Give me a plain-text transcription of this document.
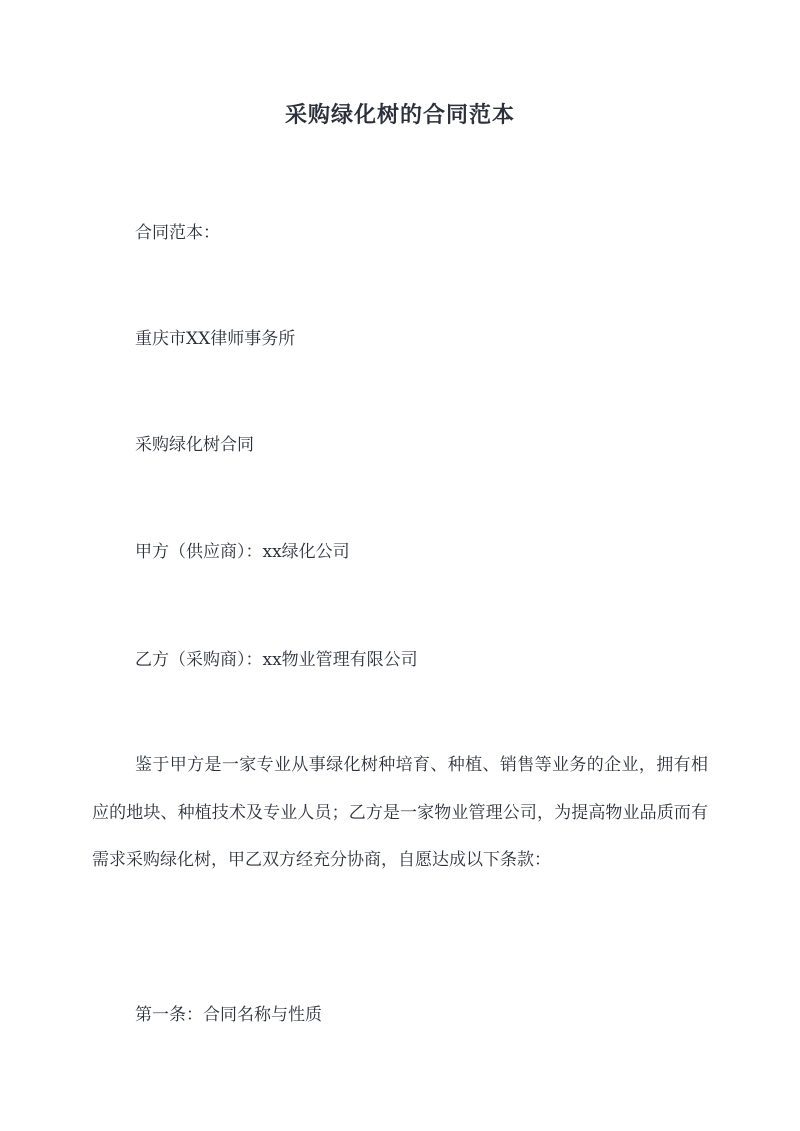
采购绿化树的合同范本
合同范本：
重庆市XX律师事务所
采购绿化树合同
甲方（供应商）：xx绿化公司
乙方（采购商）：xx物业管理有限公司
鉴于甲方是一家专业从事绿化树种培育、种植、销售等业务的企业，拥有相应的地块、种植技术及专业人员；乙方是一家物业管理公司，为提高物业品质而有需求采购绿化树，甲乙双方经充分协商，自愿达成以下条款：
第一条：合同名称与性质
